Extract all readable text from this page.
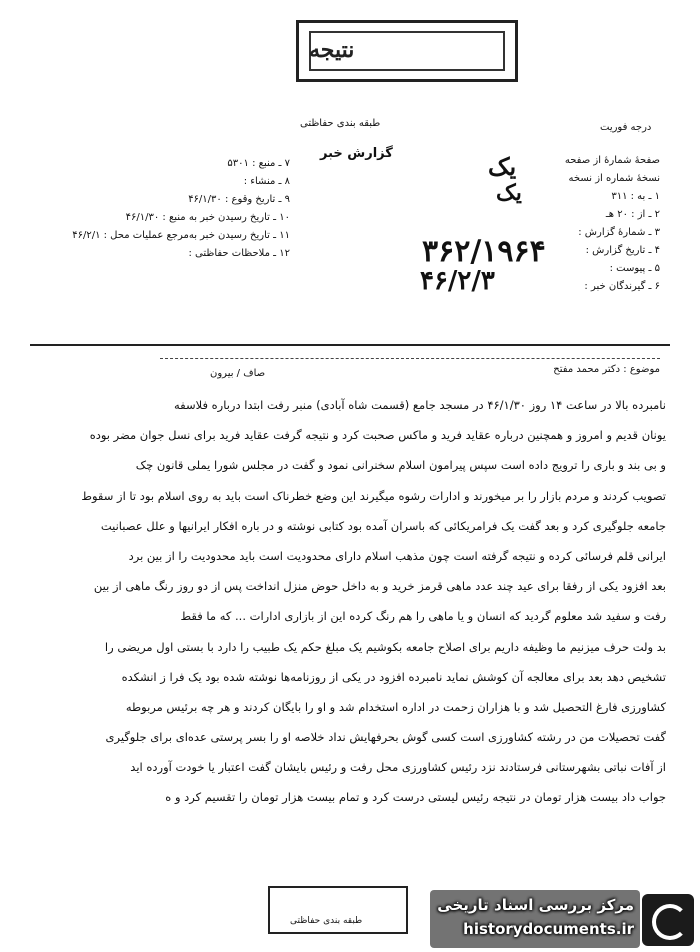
ﻧﺘﻴﺠﻪ
طبقه بندی حفاظتی
گزارش خبر
درجه فوریت
۷ ـ منبع : ۵۳۰۱
۸ ـ منشاء :
۹ ـ تاریخ وقوع : ۴۶/۱/۳۰
۱۰ ـ تاریخ رسیدن خبر به منبع : ۴۶/۱/۳۰
۱۱ ـ تاریخ رسیدن خبر به‌مرجع عملیات محل : ۴۶/۲/۱
۱۲ ـ ملاحظات حفاظتی :
صفحهٔ شمارهٔ از صفحه
نسخهٔ شماره از نسخه
۱ ـ به : ۳۱۱
۲ ـ از : ۲۰ هـ
۳ ـ شمارهٔ گزارش :
۴ ـ تاریخ گزارش :
۵ ـ پیوست :
۶ ـ گیرندگان خبر :
یک
یک
۳۶۲/۱۹۶۴
۴۶/۲/۳
صاف / بیرون	موضوع : دکتر محمد مفتح
نامبرده بالا در ساعت ۱۴ روز ۴۶/۱/۳۰ در مسجد جامع (قسمت شاه آبادی) منبر رفت ابتدا درباره فلاسفه
یونان قدیم و امروز و همچنین درباره عقاید فرید و ماکس صحبت کرد و نتیجه گرفت عقاید فرید برای نسل جوان مضر بوده
و بی بند و باری را ترویج داده است سپس پیرامون اسلام سخنرانی نمود و گفت در مجلس شورا یملی قانون چک
تصویب کردند و مردم بازار را بر میخورند و ادارات رشوه میگیرند این وضع خطرناک است باید به روی اسلام بود تا از سقوط
جامعه جلوگیری کرد و بعد گفت یک فرامریکائی که باسران آمده بود کتابی نوشته و در باره افکار ایرانیها و علل عصبانیت
ایرانی قلم فرسائی کرده و نتیجه گرفته است چون مذهب اسلام دارای محدودیت است باید محدودیت را از بین برد
بعد افزود یکی از رفقا برای عید چند عدد ماهی قرمز خرید و به داخل حوض منزل انداخت پس از دو روز رنگ ماهی از بین
رفت و سفید شد معلوم گردید که انسان و یا ماهی را هم رنگ کرده این از بازاری ادارات ... که ما فقط
بد ولت حرف میزنیم ما وظیفه داریم برای اصلاح جامعه بکوشیم یک مبلغ حکم یک طبیب را دارد با بستی اول مریضی را
تشخیص دهد بعد برای معالجه آن کوشش نماید نامبرده افزود در یکی از روزنامه‌ها نوشته شده بود یک فرا ز انشکده
کشاورزی فارغ التحصیل شد و با هزاران زحمت در اداره استخدام شد و او را بایگان کردند و هر چه برئیس مربوطه
گفت تحصیلات من در رشته کشاورزی است کسی گوش بحرفهایش نداد خلاصه او را بسر پرستی عده‌ای برای جلوگیری
از آفات نباتی بشهرستانی فرستادند نزد رئیس کشاورزی محل رفت و رئیس بایشان گفت اعتبار یا خودت آورده اید
جواب داد بیست هزار تومان در نتیجه رئیس لیستی درست کرد و تمام بیست هزار تومان را تقسیم کرد و ه
طبقه بندی حفاظتی
مرکز بررسی اسناد تاریخی
historydocuments.ir
